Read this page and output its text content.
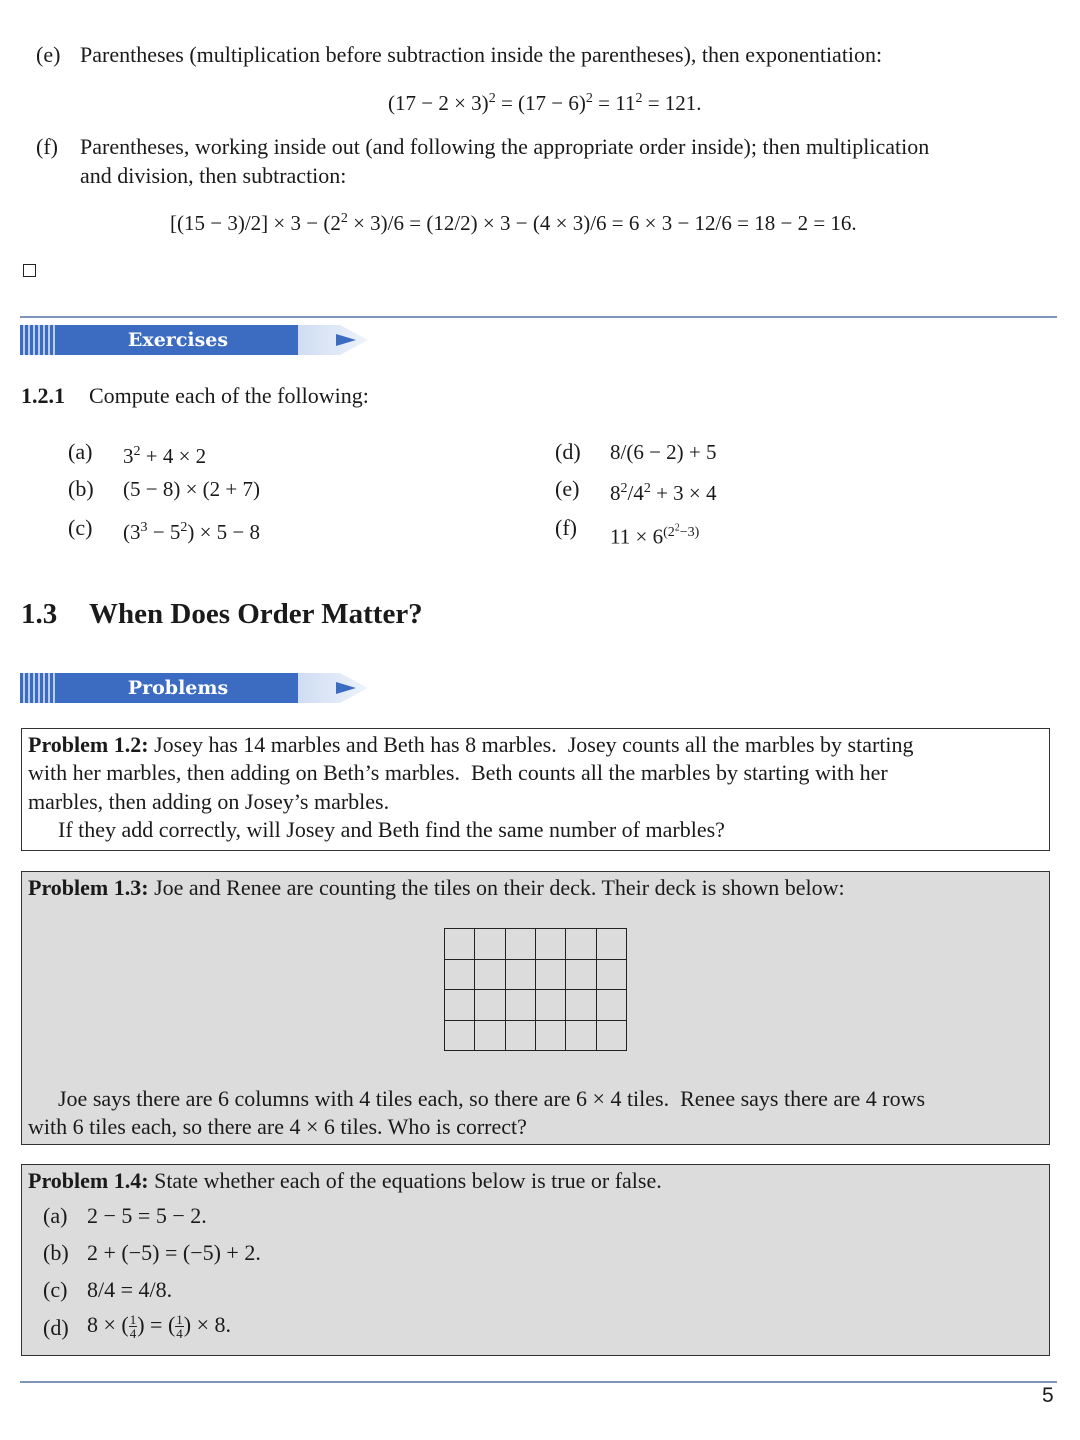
(e) Parentheses (multiplication before subtraction inside the parentheses), then exponentiation:
$(17 - 2 \times 3)^2 = (17 - 6)^2 = 11^2 = 121$.
(f) Parentheses, working inside out (and following the appropriate order inside); then multiplication
and division, then subtraction:
$[(15 - 3)/2] \times 3 - (2^2 \times 3)/6 = (12/2) \times 3 - (4 \times 3)/6 = 6 \times 3 - 12/6 = 18 - 2 = 16$.
Exercises
1.2.1 Compute each of the following:
(a) $3^2 + 4 \times 2$
(b) (5 − 8) × (2 + 7)
(c) $(3^3 - 5^2) \times 5 - 8$
(d) 8/(6 − 2) + 5
(e) $8^2/4^2 + 3 \times 4$
(f) $11 \times 6^{(2^2-3)}$
1.3 When Does Order Matter?
Problems
Problem 1.2: Josey has 14 marbles and Beth has 8 marbles.  Josey counts all the marbles by starting
with her marbles, then adding on Beth’s marbles.  Beth counts all the marbles by starting with her
marbles, then adding on Josey’s marbles.
If they add correctly, will Josey and Beth find the same number of marbles?
Problem 1.3: Joe and Renee are counting the tiles on their deck. Their deck is shown below:
Joe says there are 6 columns with 4 tiles each, so there are 6 × 4 tiles.  Renee says there are 4 rows
with 6 tiles each, so there are 4 × 6 tiles. Who is correct?
Problem 1.4: State whether each of the equations below is true or false.
(a) 2 − 5 = 5 − 2.
(b) 2 + (−5) = (−5) + 2.
(c) 8/4 = 4/8.
(d) 8 × ( $\frac{1}{4}$ ) = ( $\frac{1}{4}$ ) × 8.
5
